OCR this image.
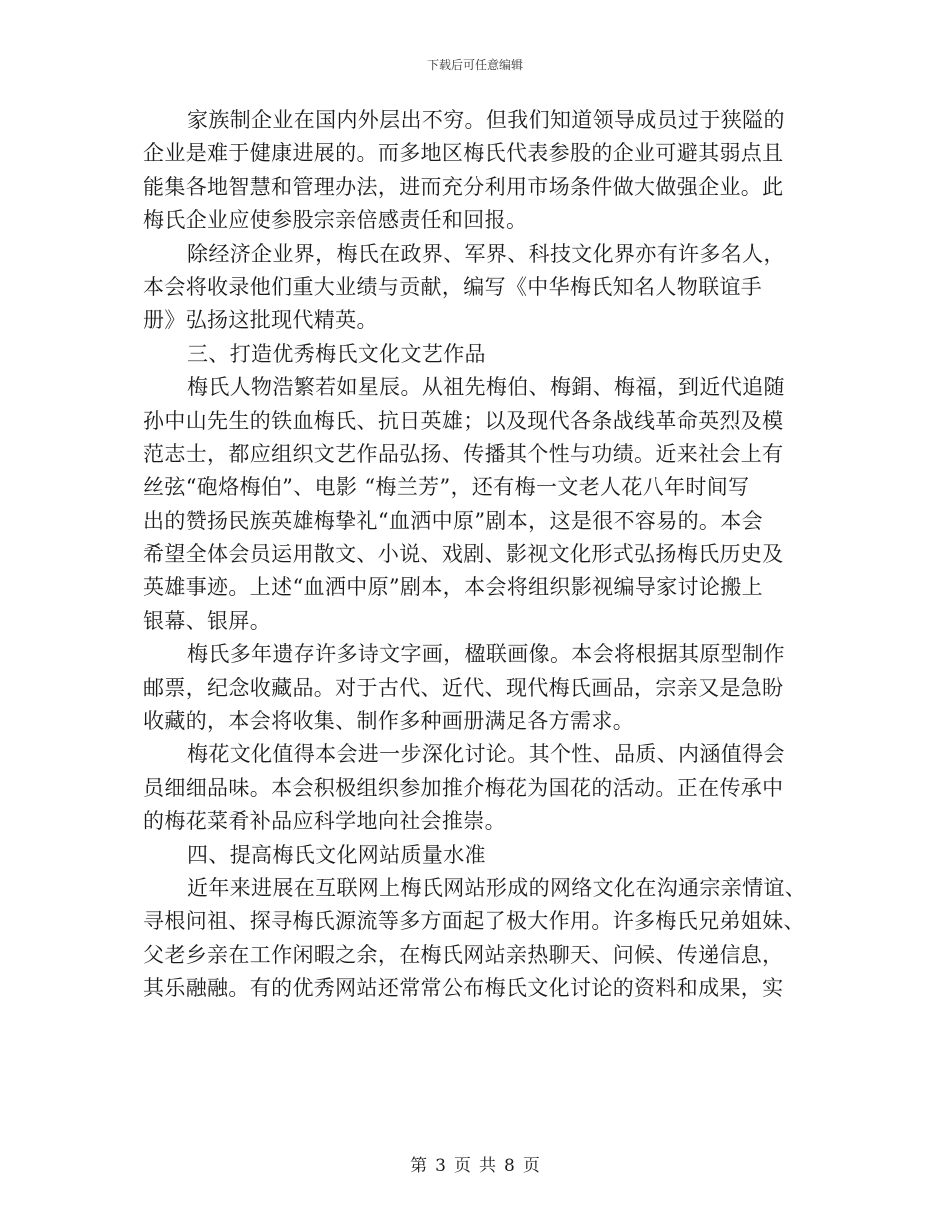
下载后可任意编辑
家族制企业在国内外层出不穷。但我们知道领导成员过于狭隘的
企业是难于健康进展的。而多地区梅氏代表参股的企业可避其弱点且
能集各地智慧和管理办法，进而充分利用市场条件做大做强企业。此
梅氏企业应使参股宗亲倍感责任和回报。
除经济企业界，梅氏在政界、军界、科技文化界亦有许多名人，
本会将收录他们重大业绩与贡献，编写《中华梅氏知名人物联谊手
册》弘扬这批现代精英。
三、打造优秀梅氏文化文艺作品
梅氏人物浩繁若如星辰。从祖先梅伯、梅鋗、梅福，到近代追随
孙中山先生的铁血梅氏、抗日英雄；以及现代各条战线革命英烈及模
范志士，都应组织文艺作品弘扬、传播其个性与功绩。近来社会上有
丝弦“砲烙梅伯”、电影 “梅兰芳”，还有梅一文老人花八年时间写
出的赞扬民族英雄梅挚礼“血洒中原”剧本，这是很不容易的。本会
希望全体会员运用散文、小说、戏剧、影视文化形式弘扬梅氏历史及
英雄事迹。上述“血洒中原”剧本，本会将组织影视编导家讨论搬上
银幕、银屏。
梅氏多年遗存许多诗文字画，楹联画像。本会将根据其原型制作
邮票，纪念收藏品。对于古代、近代、现代梅氏画品，宗亲又是急盼
收藏的，本会将收集、制作多种画册满足各方需求。
梅花文化值得本会进一步深化讨论。其个性、品质、内涵值得会
员细细品味。本会积极组织参加推介梅花为国花的活动。正在传承中
的梅花菜肴补品应科学地向社会推崇。
四、提高梅氏文化网站质量水准
近年来进展在互联网上梅氏网站形成的网络文化在沟通宗亲情谊、
寻根问祖、探寻梅氏源流等多方面起了极大作用。许多梅氏兄弟姐妹、
父老乡亲在工作闲暇之余，在梅氏网站亲热聊天、问候、传递信息，
其乐融融。有的优秀网站还常常公布梅氏文化讨论的资料和成果，实
第 3 页 共 8 页
